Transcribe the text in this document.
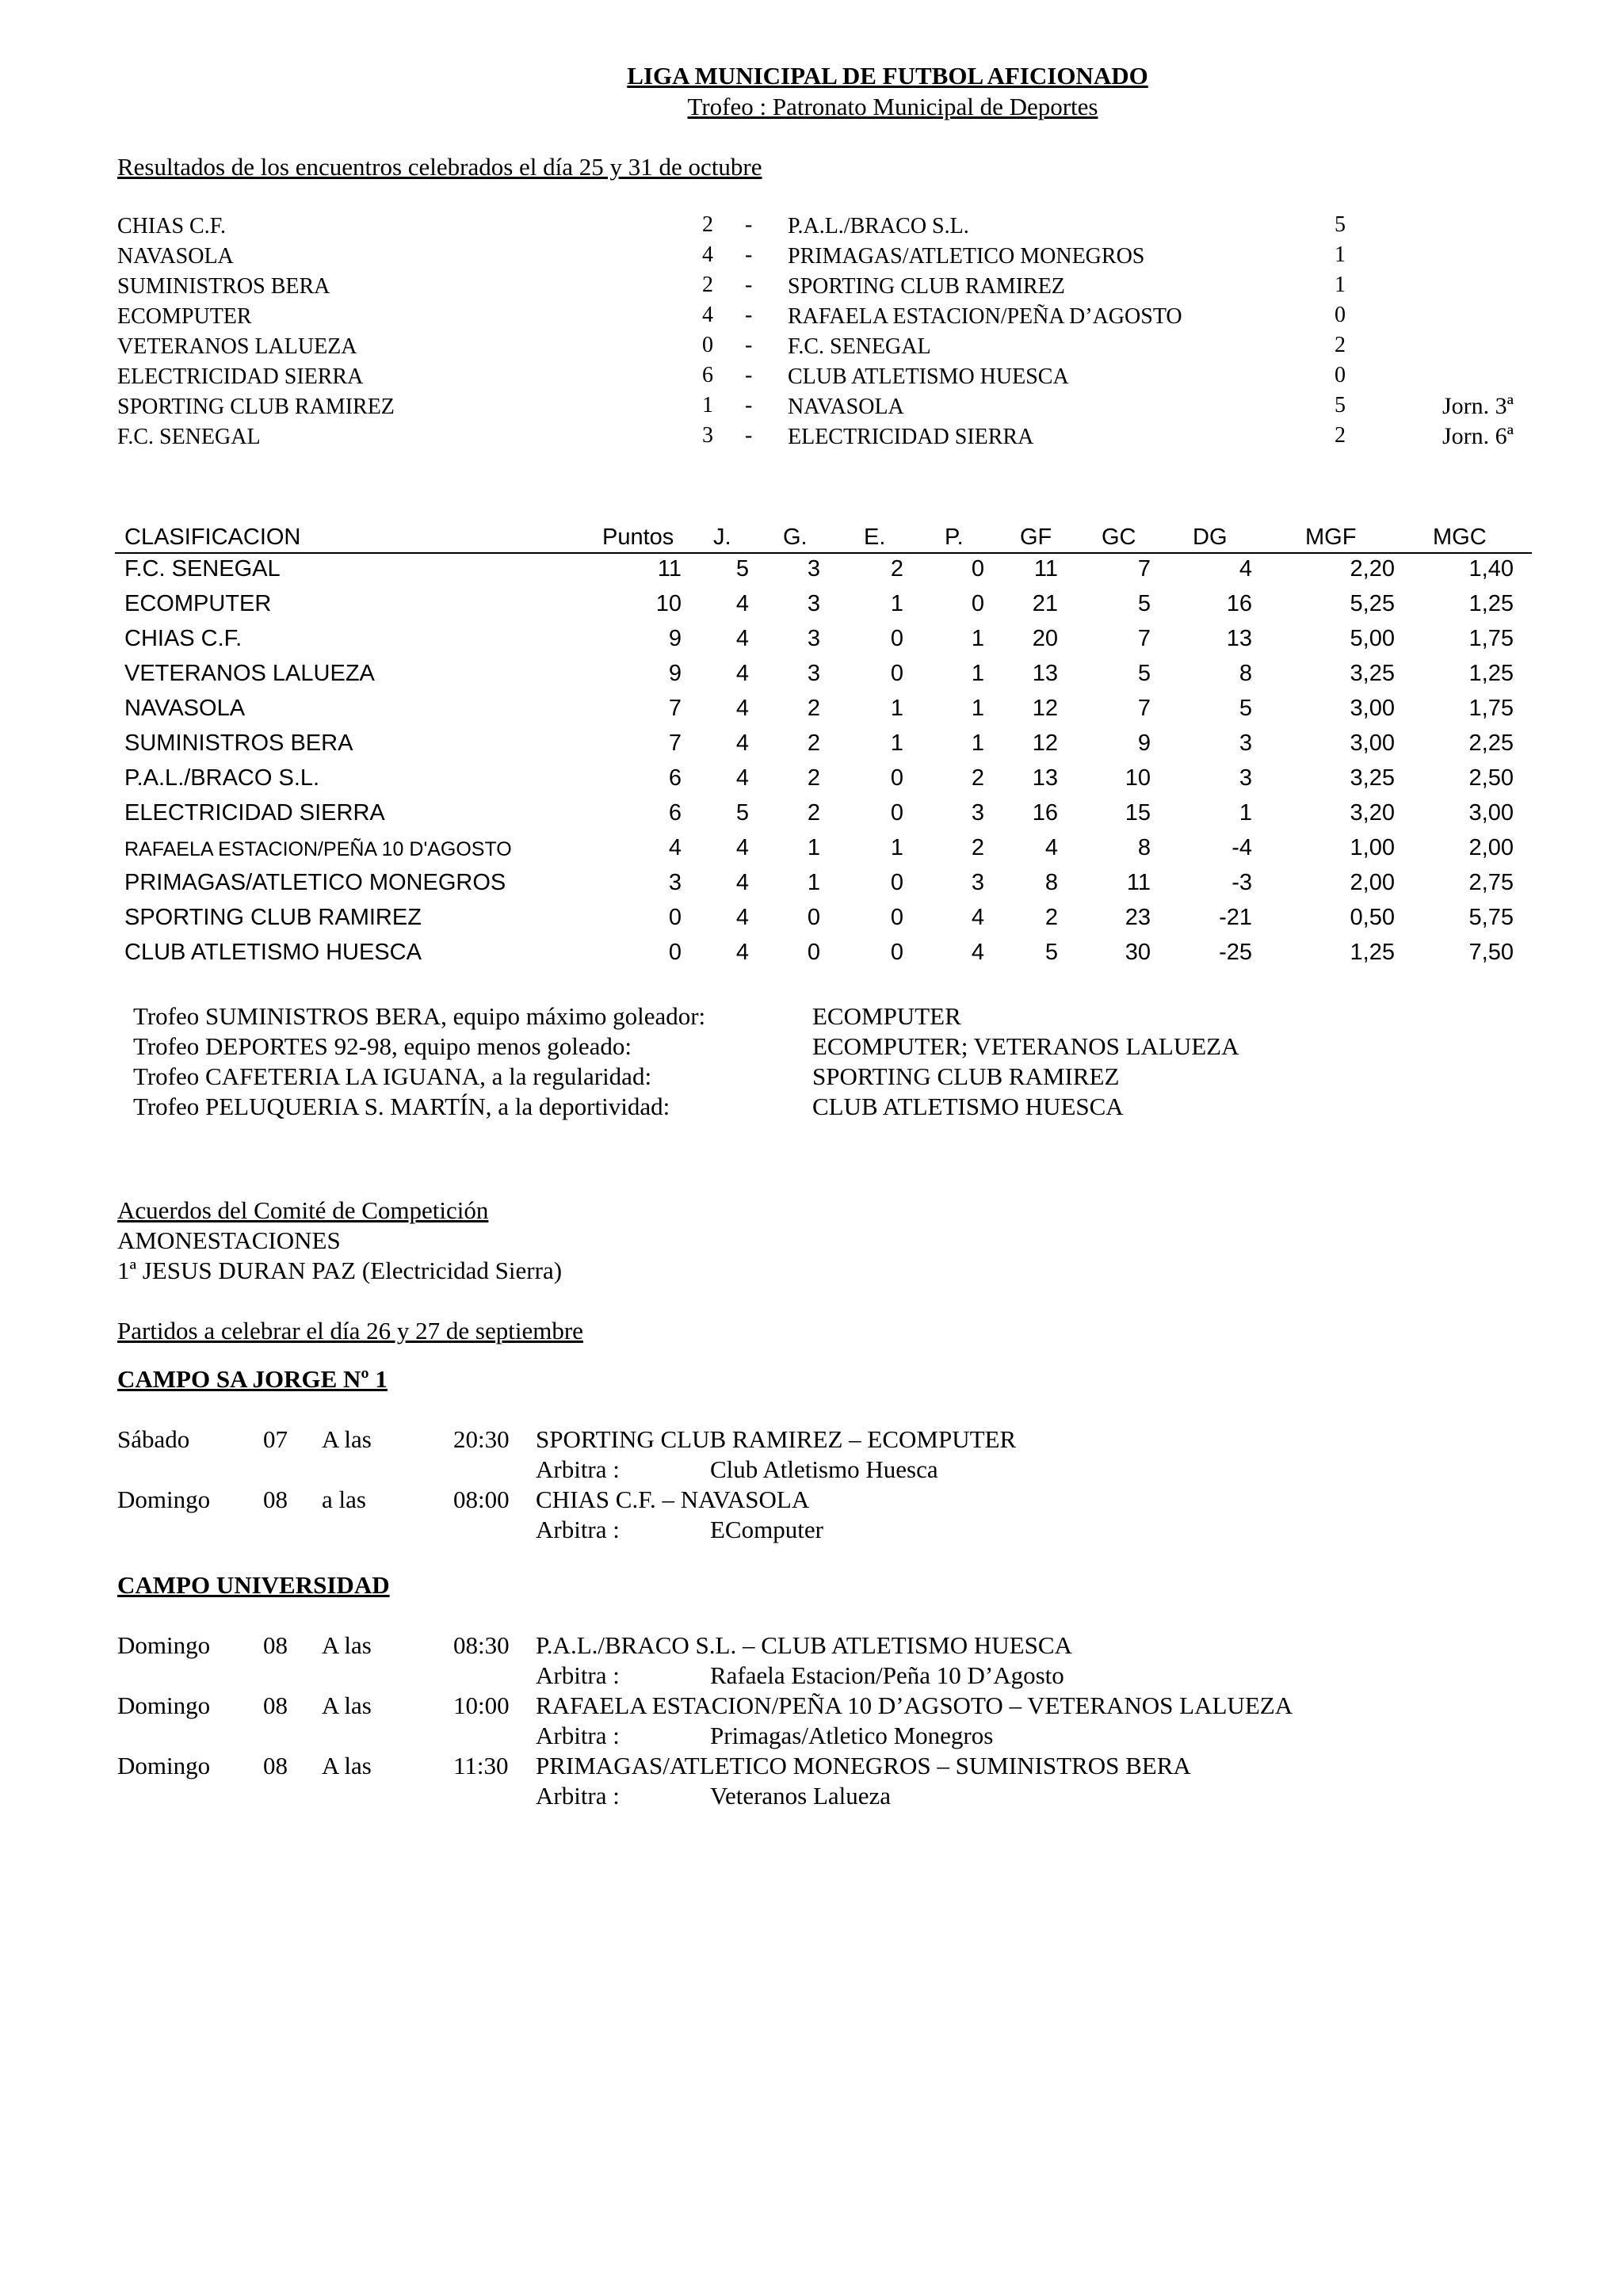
LIGA MUNICIPAL DE FUTBOL AFICIONADO
Trofeo : Patronato Municipal de Deportes
Resultados de los encuentros celebrados el día 25 y 31 de octubre
CHIAS C.F.	2 - P.A.L./BRACO S.L.	5
NAVASOLA	4 - PRIMAGAS/ATLETICO MONEGROS	1
SUMINISTROS BERA	2 - SPORTING CLUB RAMIREZ	1
ECOMPUTER	4 - RAFAELA ESTACION/PEÑA D’AGOSTO	0
VETERANOS LALUEZA	0 - F.C. SENEGAL	2
ELECTRICIDAD SIERRA	6 - CLUB ATLETISMO HUESCA	0
SPORTING CLUB RAMIREZ	1 - NAVASOLA	5	Jorn. 3ª
F.C. SENEGAL	3 - ELECTRICIDAD SIERRA	2	Jorn. 6ª
CLASIFICACION	Puntos J. G. E.	P. GF GC DG	MGF	MGC
F.C. SENEGAL	11	5	3	2	0	11	7	4	2,20	1,40
ECOMPUTER	10	4	3	1	0	21	5	16	5,25	1,25
CHIAS C.F.	9	4	3	0	1	20	7	13	5,00	1,75
VETERANOS LALUEZA	9	4	3	0	1	13	5	8	3,25	1,25
NAVASOLA	7	4	2	1	1	12	7	5	3,00	1,75
SUMINISTROS BERA	7	4	2	1	1	12	9	3	3,00	2,25
P.A.L./BRACO S.L.	6	4	2	0	2	13	10	3	3,25	2,50
ELECTRICIDAD SIERRA	6	5	2	0	3	16	15	1	3,20	3,00
RAFAELA ESTACION/PEÑA 10 D'AGOSTO	4	4	1	1	2	4	8	-4	1,00	2,00
PRIMAGAS/ATLETICO MONEGROS	3	4	1	0	3	8	11	-3	2,00	2,75
SPORTING CLUB RAMIREZ	0	4	0	0	4	2	23	-21	0,50	5,75
CLUB ATLETISMO HUESCA	0	4	0	0	4	5	30	-25	1,25	7,50
Trofeo SUMINISTROS BERA, equipo máximo goleador:	ECOMPUTER
Trofeo DEPORTES 92-98, equipo menos goleado:	ECOMPUTER; VETERANOS LALUEZA
Trofeo CAFETERIA LA IGUANA, a la regularidad:	SPORTING CLUB RAMIREZ
Trofeo PELUQUERIA S. MARTÍN, a la deportividad:	CLUB ATLETISMO HUESCA
Acuerdos del Comité de Competición
AMONESTACIONES
1ª JESUS DURAN PAZ (Electricidad Sierra)
Partidos a celebrar el día 26 y 27 de septiembre
CAMPO SA JORGE Nº 1
Sábado	07 A las	20:30 SPORTING CLUB RAMIREZ – ECOMPUTER
Arbitra :	Club Atletismo Huesca
Domingo 08 a las	08:00 CHIAS C.F. – NAVASOLA
Arbitra :	EComputer
CAMPO UNIVERSIDAD
Domingo 08 A las	08:30 P.A.L./BRACO S.L. – CLUB ATLETISMO HUESCA
Arbitra :	Rafaela Estacion/Peña 10 D’Agosto
Domingo 08 A las	10:00 RAFAELA ESTACION/PEÑA 10 D’AGSOTO – VETERANOS LALUEZA
Arbitra :	Primagas/Atletico Monegros
Domingo 08 A las	11:30 PRIMAGAS/ATLETICO MONEGROS – SUMINISTROS BERA
Arbitra :	Veteranos Lalueza
